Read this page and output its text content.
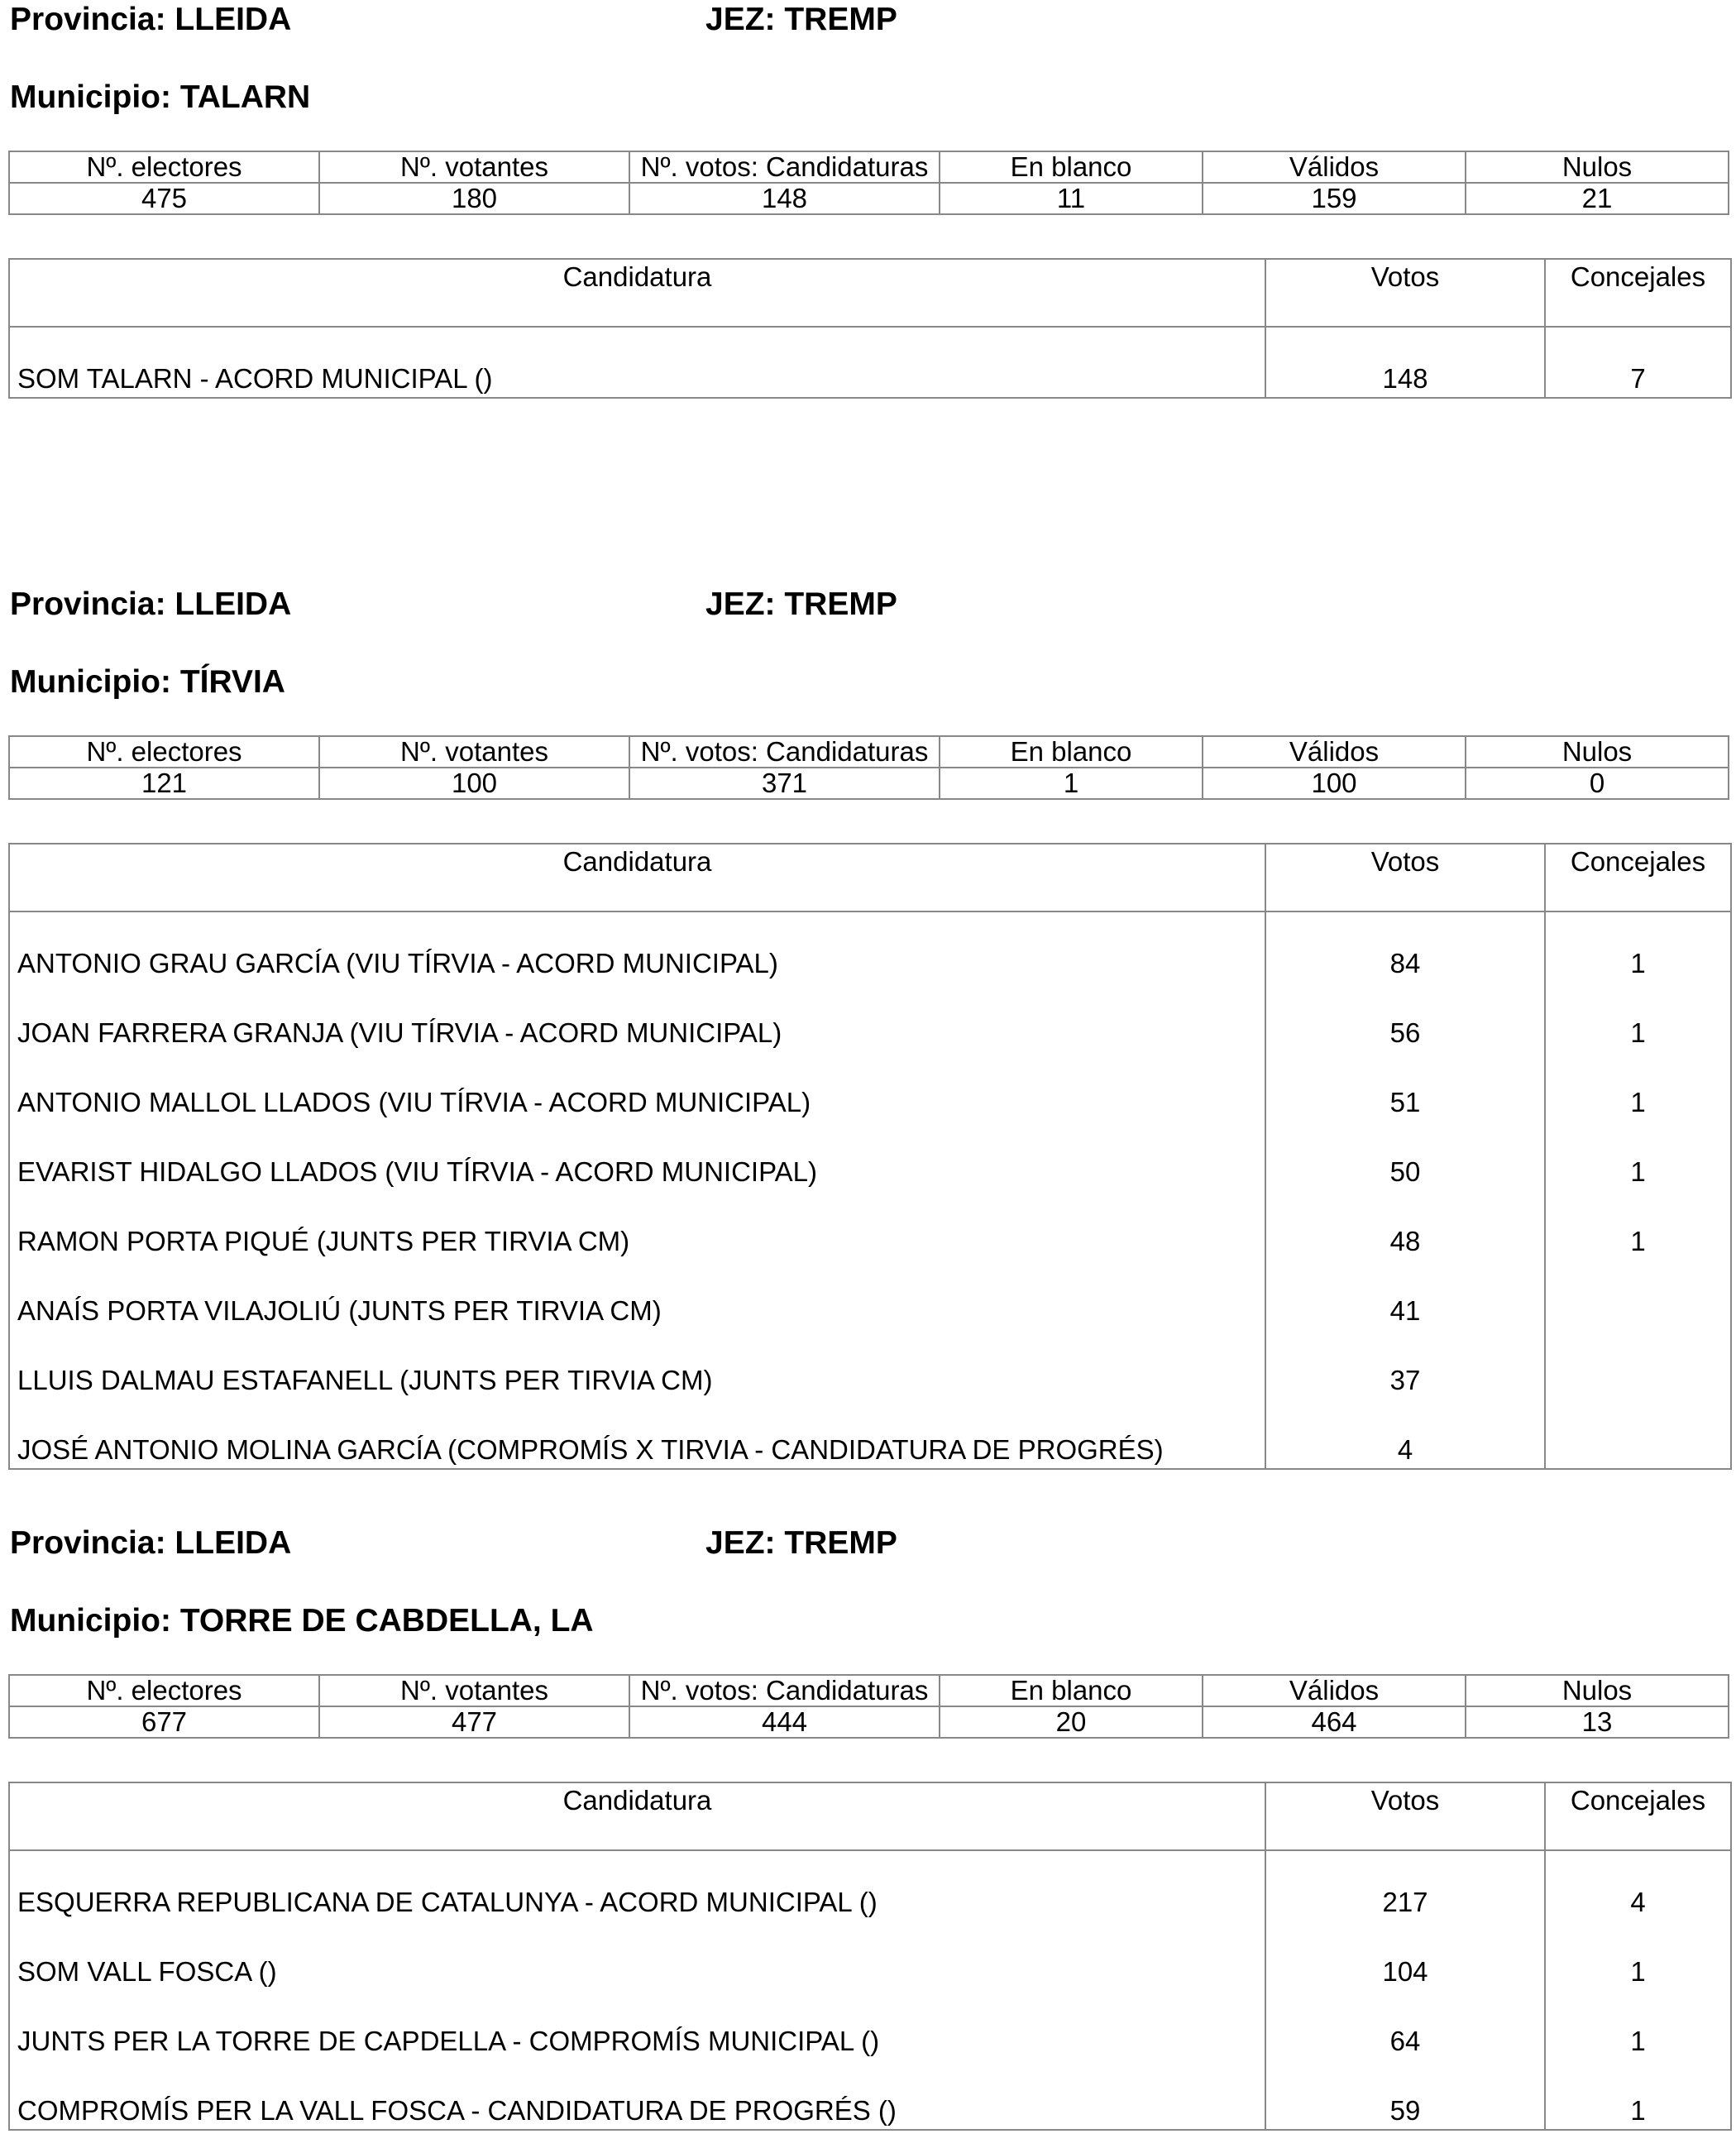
Provincia: LLEIDA	JEZ: TREMP
Municipio: TALARN
Nº. electores	Nº. votantes	Nº. votos: Candidaturas	En blanco	Válidos	Nulos
475	180	148	11	159	21
Candidatura	Votos	Concejales
SOM TALARN - ACORD MUNICIPAL ()	148	7
Provincia: LLEIDA	JEZ: TREMP
Municipio: TÍRVIA
Nº. electores	Nº. votantes	Nº. votos: Candidaturas	En blanco	Válidos	Nulos
121	100	371	1	100	0
Candidatura	Votos	Concejales
ANTONIO GRAU GARCÍA (VIU TÍRVIA - ACORD MUNICIPAL)	84	1
JOAN FARRERA GRANJA (VIU TÍRVIA - ACORD MUNICIPAL)	56	1
ANTONIO MALLOL LLADOS (VIU TÍRVIA - ACORD MUNICIPAL)	51	1
EVARIST HIDALGO LLADOS (VIU TÍRVIA - ACORD MUNICIPAL)	50	1
RAMON PORTA PIQUÉ (JUNTS PER TIRVIA CM)	48	1
ANAÍS PORTA VILAJOLIÚ (JUNTS PER TIRVIA CM)	41	
LLUIS DALMAU ESTAFANELL (JUNTS PER TIRVIA CM)	37	
JOSÉ ANTONIO MOLINA GARCÍA (COMPROMÍS X TIRVIA - CANDIDATURA DE PROGRÉS)	4	
Provincia: LLEIDA	JEZ: TREMP
Municipio: TORRE DE CABDELLA, LA
Nº. electores	Nº. votantes	Nº. votos: Candidaturas	En blanco	Válidos	Nulos
677	477	444	20	464	13
Candidatura	Votos	Concejales
ESQUERRA REPUBLICANA DE CATALUNYA - ACORD MUNICIPAL ()	217	4
SOM VALL FOSCA ()	104	1
JUNTS PER LA TORRE DE CAPDELLA - COMPROMÍS MUNICIPAL ()	64	1
COMPROMÍS PER LA VALL FOSCA - CANDIDATURA DE PROGRÉS ()	59	1
